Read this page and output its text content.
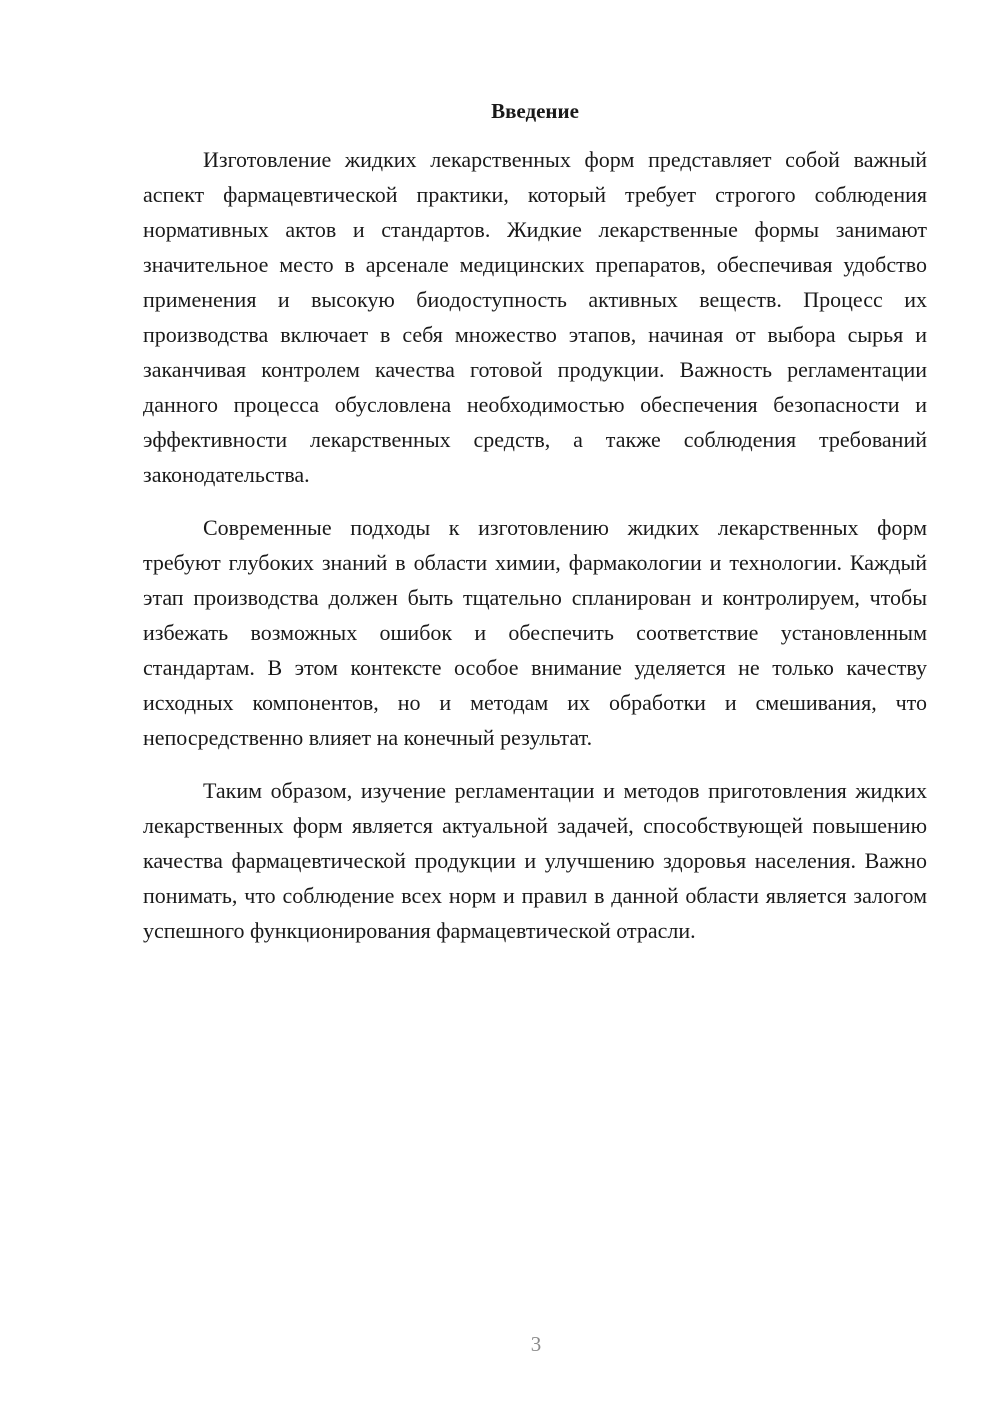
Введение

Изготовление жидких лекарственных форм представляет собой важный аспект фармацевтической практики, который требует строгого соблюдения нормативных актов и стандартов. Жидкие лекарственные формы занимают значительное место в арсенале медицинских препаратов, обеспечивая удобство применения и высокую биодоступность активных веществ. Процесс их производства включает в себя множество этапов, начиная от выбора сырья и заканчивая контролем качества готовой продукции. Важность регламентации данного процесса обусловлена необходимостью обеспечения безопасности и эффективности лекарственных средств, а также соблюдения требований законодательства.

Современные подходы к изготовлению жидких лекарственных форм требуют глубоких знаний в области химии, фармакологии и технологии. Каждый этап производства должен быть тщательно спланирован и контролируем, чтобы избежать возможных ошибок и обеспечить соответствие установленным стандартам. В этом контексте особое внимание уделяется не только качеству исходных компонентов, но и методам их обработки и смешивания, что непосредственно влияет на конечный результат.

Таким образом, изучение регламентации и методов приготовления жидких лекарственных форм является актуальной задачей, способствующей повышению качества фармацевтической продукции и улучшению здоровья населения. Важно понимать, что соблюдение всех норм и правил в данной области является залогом успешного функционирования фармацевтической отрасли.

3
